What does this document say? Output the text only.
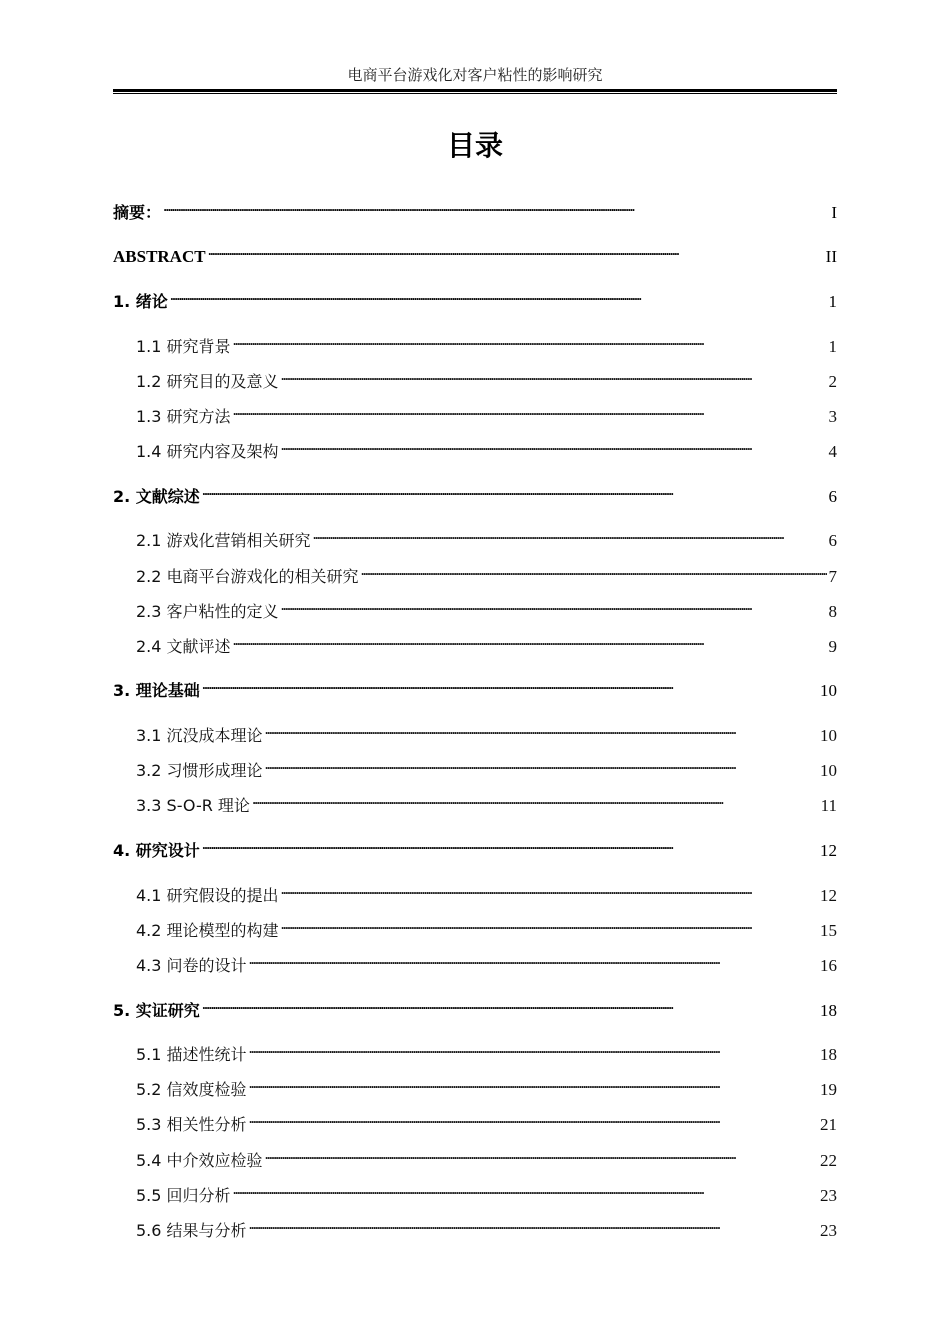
电商平台游戏化对客户粘性的影响研究
目录
摘要： . . .	I
ABSTRACT . . .	II
1. 绪论 . . .	1
1.1 研究背景 . . .	1
1.2 研究目的及意义 . . .	2
1.3 研究方法 . . .	3
1.4 研究内容及架构 . . .	4
2. 文献综述 . . .	6
2.1 游戏化营销相关研究 . . .	6
2.2 电商平台游戏化的相关研究 . . .	7
2.3 客户粘性的定义 . . .	8
2.4 文献评述 . . .	9
3. 理论基础 . . .	10
3.1 沉没成本理论 . . .	10
3.2 习惯形成理论 . . .	10
3.3 S-O-R 理论 . . .	11
4. 研究设计 . . .	12
4.1 研究假设的提出 . . .	12
4.2 理论模型的构建 . . .	15
4.3 问卷的设计 . . .	16
5. 实证研究 . . .	18
5.1 描述性统计 . . .	18
5.2 信效度检验 . . .	19
5.3 相关性分析 . . .	21
5.4 中介效应检验 . . .	22
5.5 回归分析 . . .	23
5.6 结果与分析 . . .	23
